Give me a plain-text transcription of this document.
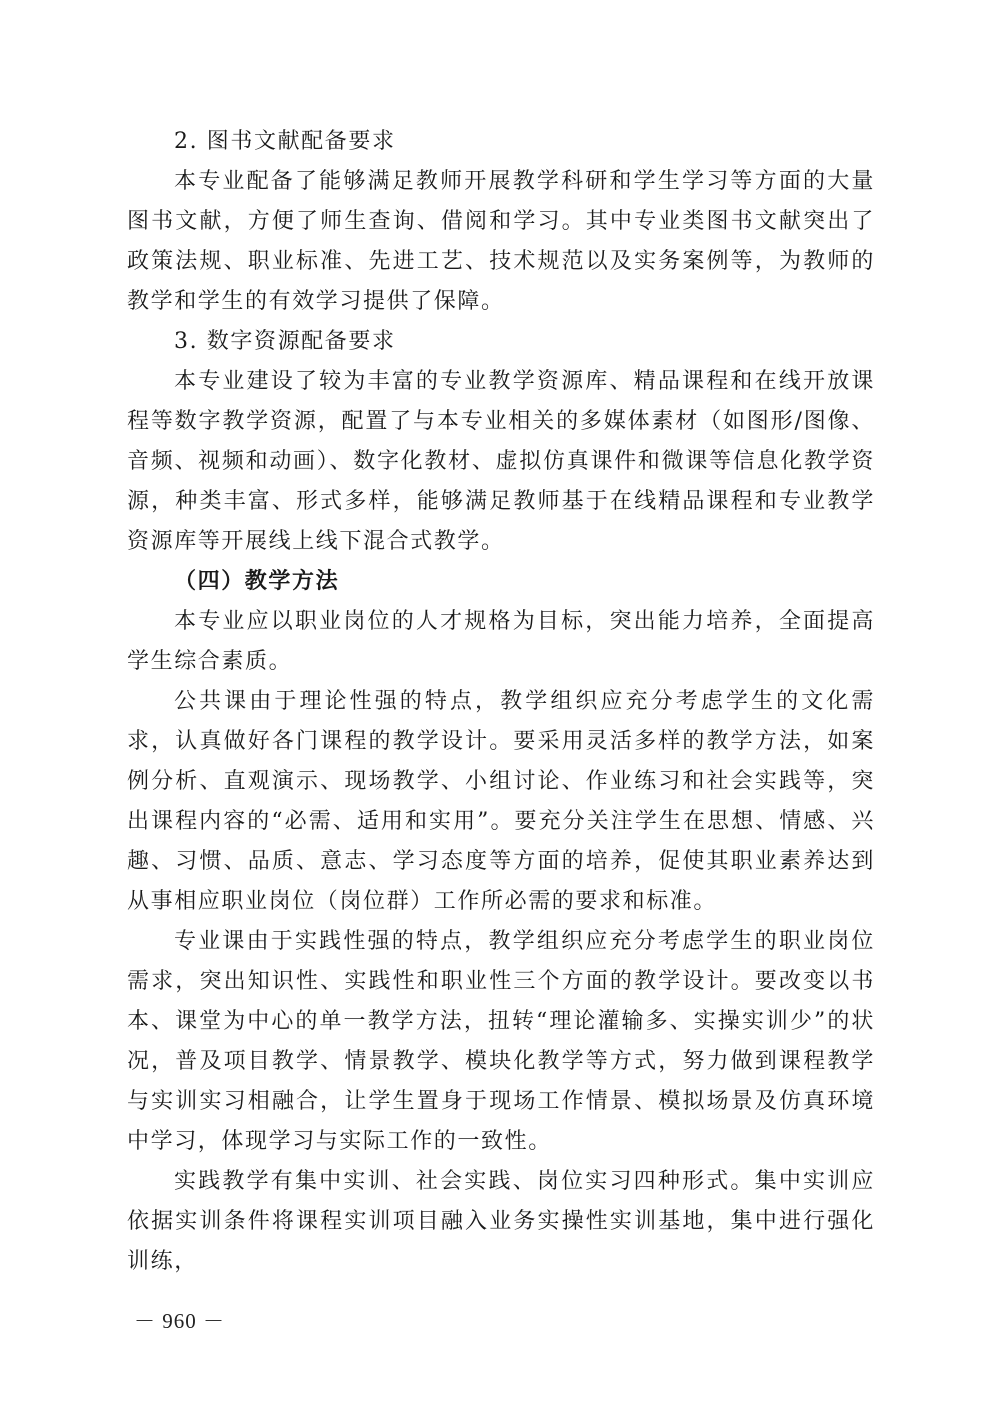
2. 图书文献配备要求

本专业配备了能够满足教师开展教学科研和学生学习等方面的大量图书文献，方便了师生查询、借阅和学习。其中专业类图书文献突出了政策法规、职业标准、先进工艺、技术规范以及实务案例等，为教师的教学和学生的有效学习提供了保障。

3. 数字资源配备要求

本专业建设了较为丰富的专业教学资源库、精品课程和在线开放课程等数字教学资源，配置了与本专业相关的多媒体素材（如图形/图像、音频、视频和动画）、数字化教材、虚拟仿真课件和微课等信息化教学资源，种类丰富、形式多样，能够满足教师基于在线精品课程和专业教学资源库等开展线上线下混合式教学。

（四）教学方法

本专业应以职业岗位的人才规格为目标，突出能力培养，全面提高学生综合素质。

公共课由于理论性强的特点，教学组织应充分考虑学生的文化需求，认真做好各门课程的教学设计。要采用灵活多样的教学方法，如案例分析、直观演示、现场教学、小组讨论、作业练习和社会实践等，突出课程内容的“必需、适用和实用”。要充分关注学生在思想、情感、兴趣、习惯、品质、意志、学习态度等方面的培养，促使其职业素养达到从事相应职业岗位（岗位群）工作所必需的要求和标准。

专业课由于实践性强的特点，教学组织应充分考虑学生的职业岗位需求，突出知识性、实践性和职业性三个方面的教学设计。要改变以书本、课堂为中心的单一教学方法，扭转“理论灌输多、实操实训少”的状况，普及项目教学、情景教学、模块化教学等方式，努力做到课程教学与实训实习相融合，让学生置身于现场工作情景、模拟场景及仿真环境中学习，体现学习与实际工作的一致性。

实践教学有集中实训、社会实践、岗位实习四种形式。集中实训应依据实训条件将课程实训项目融入业务实操性实训基地，集中进行强化训练，

－ 960 －
